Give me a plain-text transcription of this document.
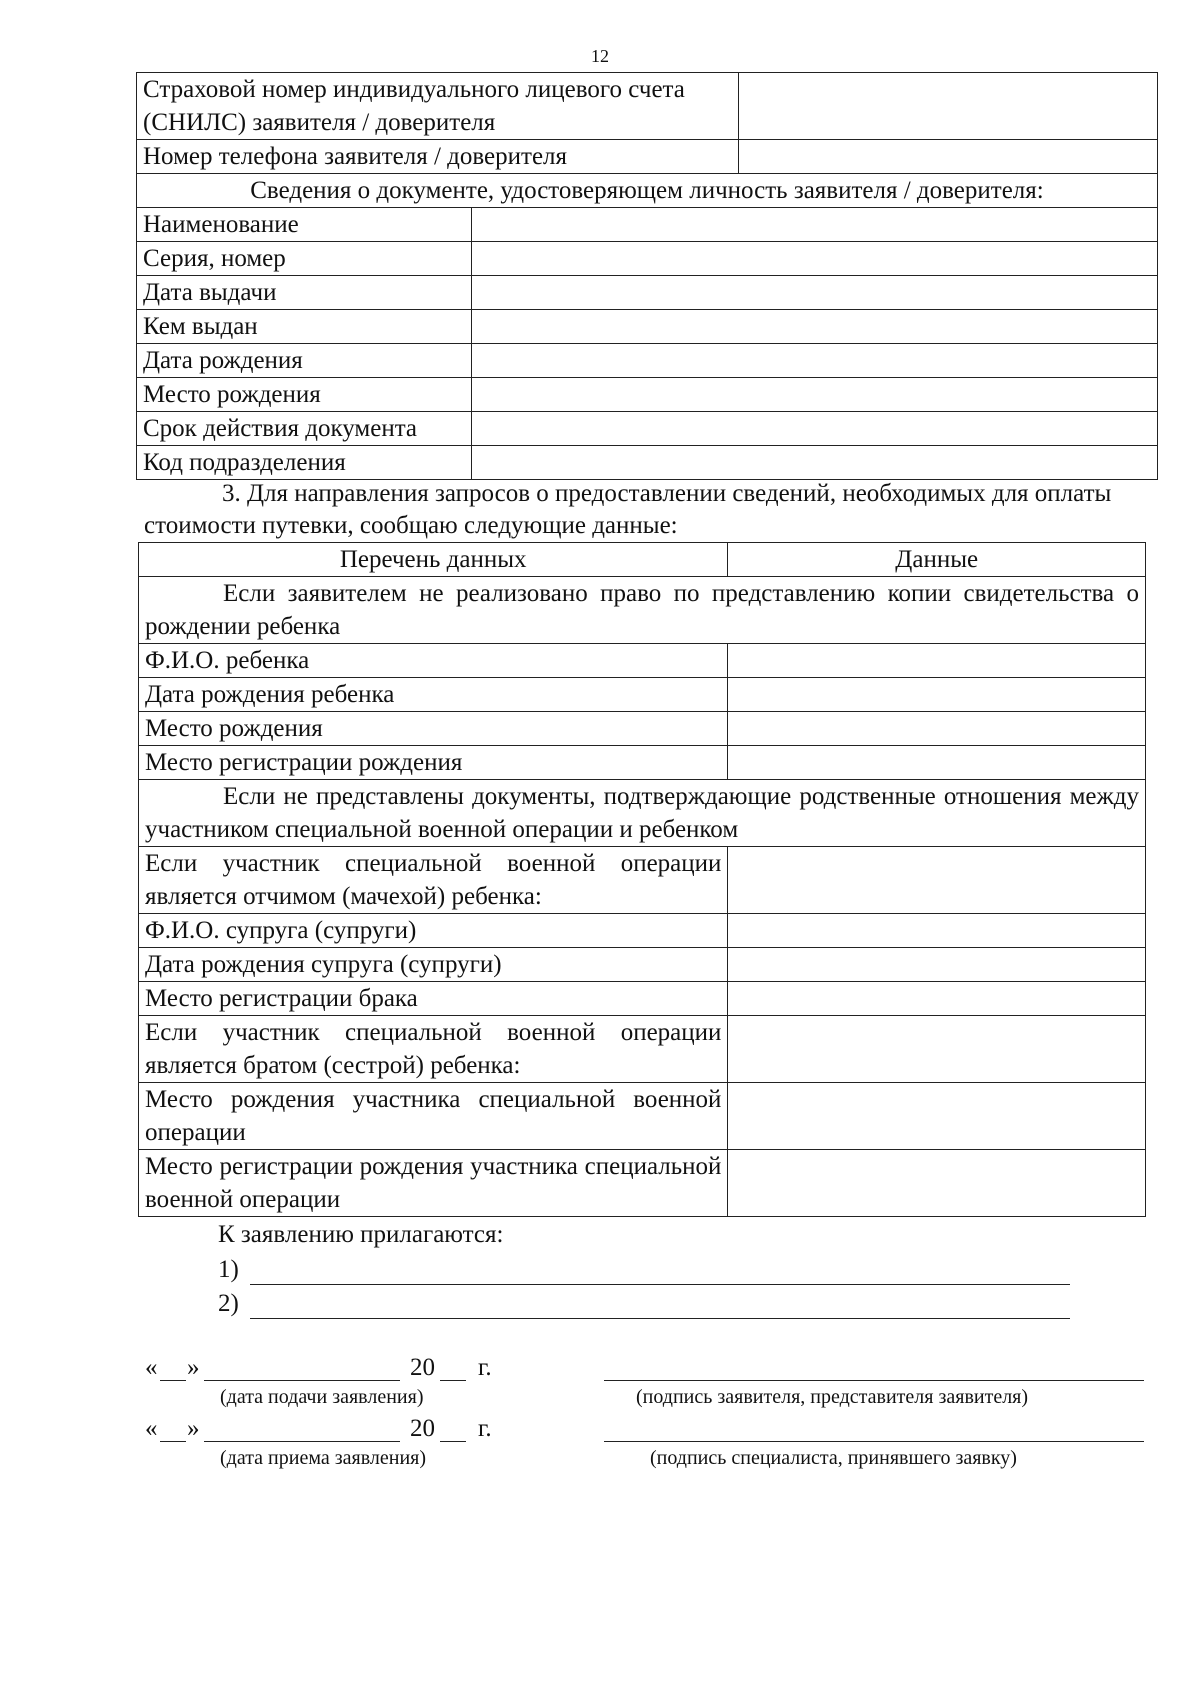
12
Страховой номер индивидуального лицевого счета (СНИЛС) заявителя / доверителя		
Номер телефона заявителя / доверителя		
Сведения о документе, удостоверяющем личность заявителя / доверителя:		
Наименование		
Серия, номер		
Дата выдачи		
Кем выдан		
Дата рождения		
Место рождения		
Срок действия документа		
Код подразделения		
3. Для направления запросов о предоставлении сведений, необходимых для оплаты стоимости путевки, сообщаю следующие данные:
Перечень данных	Данные
Если заявителем не реализовано право по представлению копии свидетельства о рождении ребенка	
Ф.И.О. ребенка	
Дата рождения ребенка	
Место рождения	
Место регистрации рождения	
Если не представлены документы, подтверждающие родственные отношения между участником специальной военной операции и ребенком	
Если участник специальной военной операции является отчимом (мачехой) ребенка:	
Ф.И.О. супруга (супруги)	
Дата рождения супруга (супруги)	
Место регистрации брака	
Если участник специальной военной операции является братом (сестрой) ребенка:	
Место рождения участника специальной военной операции	
Место регистрации рождения участника специальной военной операции	
К заявлению прилагаются:
1)
2)
« »	20 г.
(дата подачи заявления)	(подпись заявителя, представителя заявителя)
« »	20 г.
(дата приема заявления)	(подпись специалиста, принявшего заявку)
